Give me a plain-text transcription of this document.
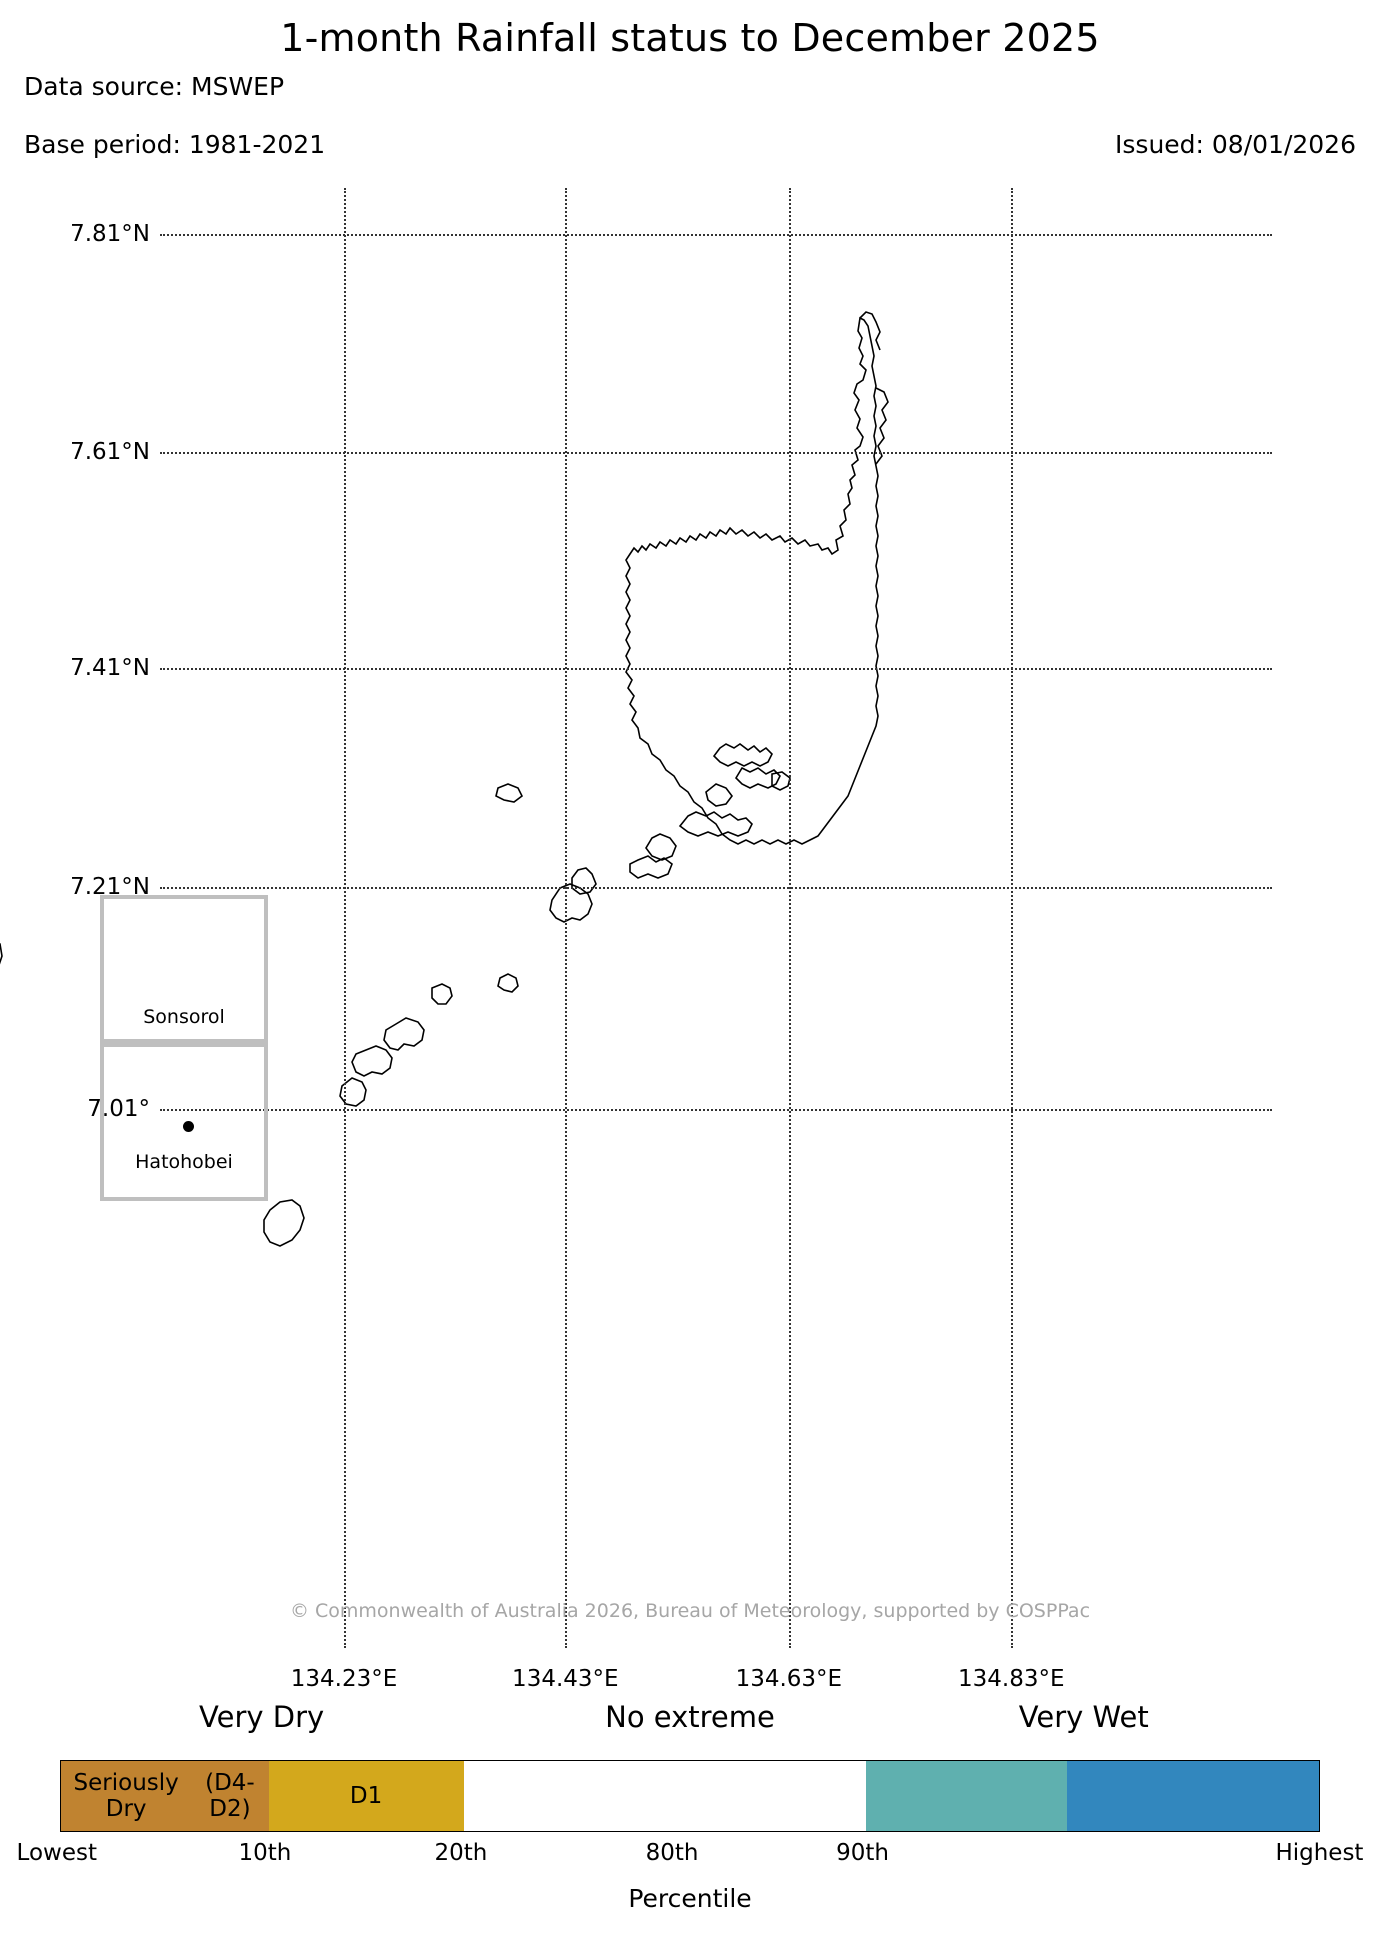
1-month Rainfall status to December 2025
Data source: MSWEP
Base period: 1981-2021	Issued: 08/01/2026
7.81°N
7.61°N
7.41°N
7.21°N
7.01°
134.23°E	134.43°E	134.63°E	134.83°E
Sonsorol
Hatohobei
© Commonwealth of Australia 2026, Bureau of Meteorology, supported by COSPPac
Very Dry	No extreme	Very Wet
Seriously Dry
(D4-D2)
D1
Lowest	10th	20th	80th	90th	Highest
Percentile
